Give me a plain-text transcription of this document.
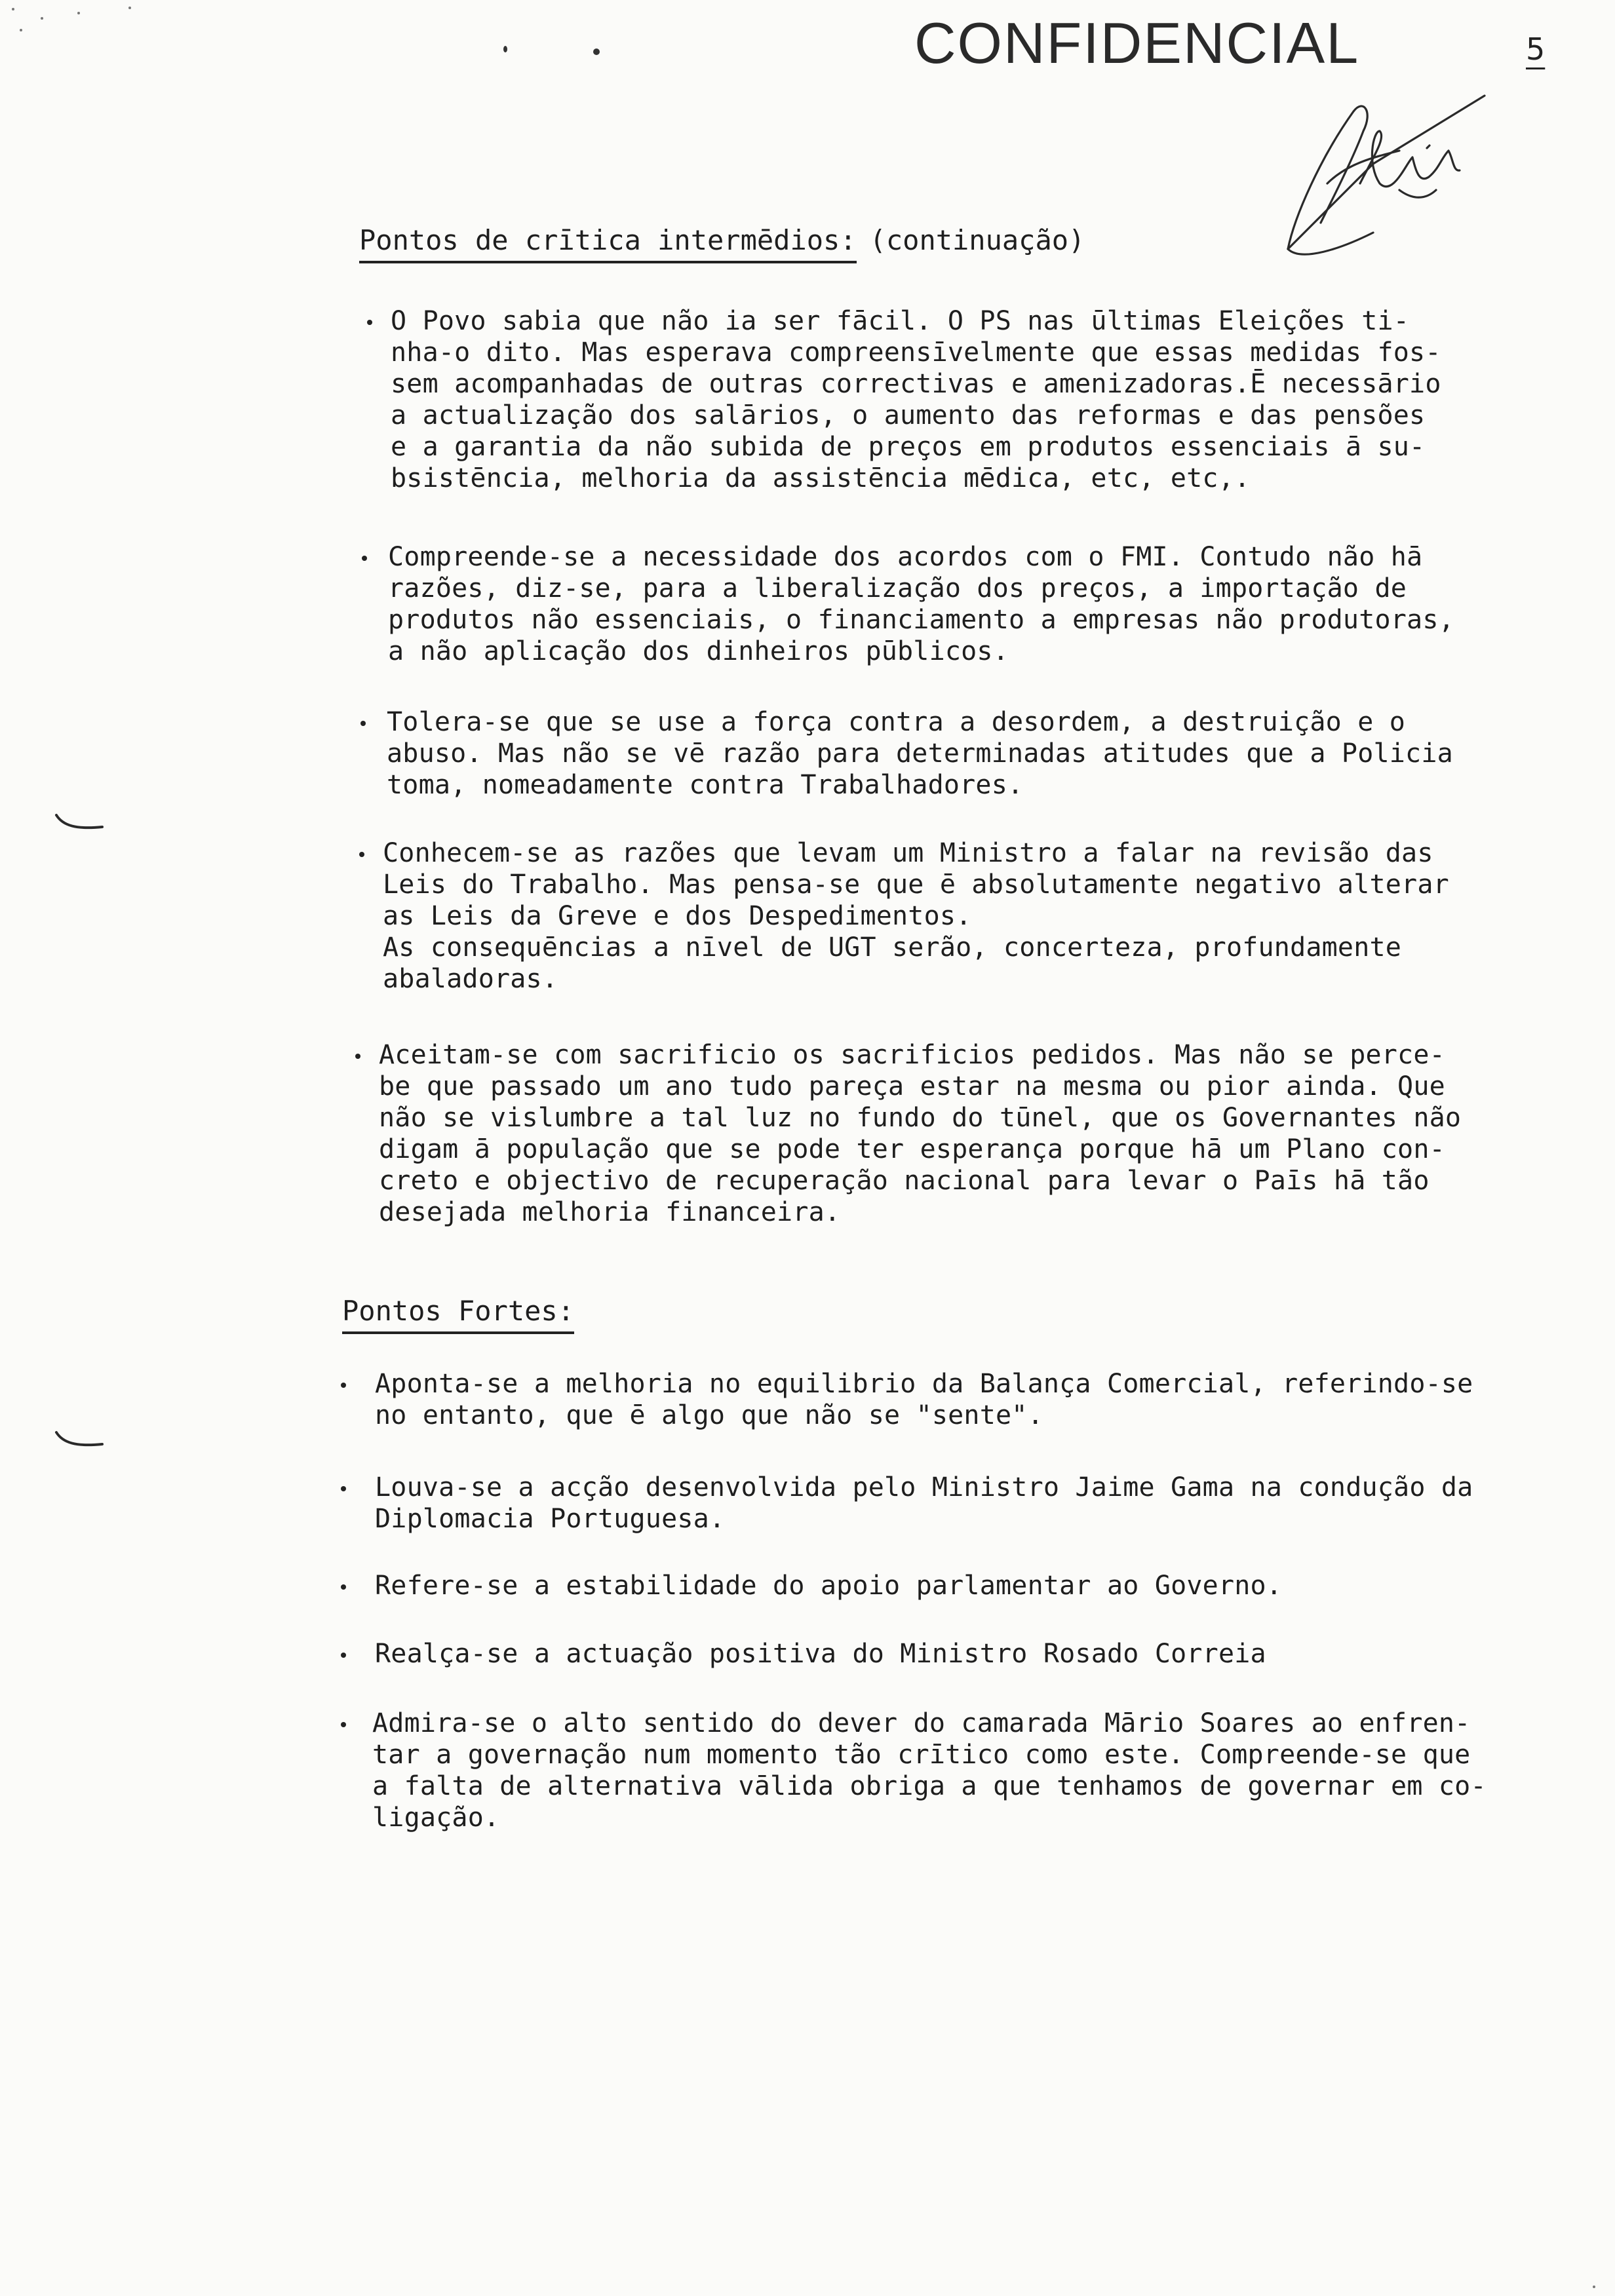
CONFIDENCIAL	5
Pontos de crītica intermēdios: (continuação)
O Povo sabia que não ia ser fācil. O PS nas ūltimas Eleições ti-
nha-o dito. Mas esperava compreensīvelmente que essas medidas fos-
sem acompanhadas de outras correctivas e amenizadoras.Ē necessārio
a actualização dos salārios, o aumento das reformas e das pensões
e a garantia da não subida de preços em produtos essenciais ā su-
bsistēncia, melhoria da assistēncia mēdica, etc, etc,.
Compreende-se a necessidade dos acordos com o FMI. Contudo não hā
razões, diz-se, para a liberalização dos preços, a importação de
produtos não essenciais, o financiamento a empresas não produtoras,
a não aplicação dos dinheiros pūblicos.
Tolera-se que se use a força contra a desordem, a destruição e o
abuso. Mas não se vē razão para determinadas atitudes que a Policia
toma, nomeadamente contra Trabalhadores.
Conhecem-se as razões que levam um Ministro a falar na revisão das
Leis do Trabalho. Mas pensa-se que ē absolutamente negativo alterar
as Leis da Greve e dos Despedimentos.
As consequēncias a nīvel de UGT serão, concerteza, profundamente
abaladoras.
Aceitam-se com sacrificio os sacrificios pedidos. Mas não se perce-
be que passado um ano tudo pareça estar na mesma ou pior ainda. Que
não se vislumbre a tal luz no fundo do tūnel, que os Governantes não
digam ā população que se pode ter esperança porque hā um Plano con-
creto e objectivo de recuperação nacional para levar o Paīs hā tão
desejada melhoria financeira.
Pontos Fortes:
Aponta-se a melhoria no equilibrio da Balança Comercial, referindo-se
no entanto, que ē algo que não se "sente".
Louva-se a acção desenvolvida pelo Ministro Jaime Gama na condução da
Diplomacia Portuguesa.
Refere-se a estabilidade do apoio parlamentar ao Governo.
Realça-se a actuação positiva do Ministro Rosado Correia
Admira-se o alto sentido do dever do camarada Mārio Soares ao enfren-
tar a governação num momento tão crītico como este. Compreende-se que
a falta de alternativa vālida obriga a que tenhamos de governar em co-
ligação.
